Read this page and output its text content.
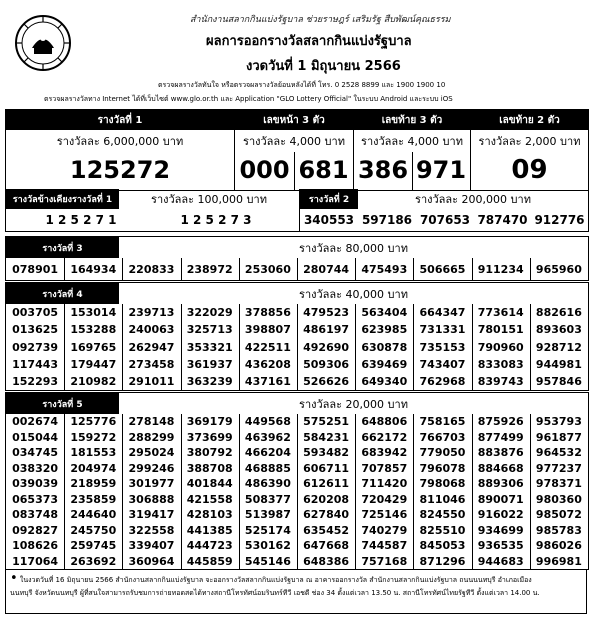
สำนักงานสลากกินแบ่งรัฐบาล ช่วยราษฎร์ เสริมรัฐ สืบพัฒน์คุณธรรม
ผลการออกรางวัลสลากกินแบ่งรัฐบาล
งวดวันที่ 1 มิถุนายน 2566
ตรวจผลรางวัลทันใจ หรือตรวจผลรางวัลย้อนหลังได้ที่ โทร. 0 2528 8899 และ 1900 1900 10
ตรวจผลรางวัลทาง Internet ได้ที่เว็บไซต์ www.glo.or.th และ Application "GLO Lottery Official" ในระบบ Android และระบบ iOS
รางวัลที่ 1
รางวัลละ 6,000,000 บาท
125272
เลขหน้า 3 ตัว
รางวัลละ 4,000 บาท
000 681
เลขท้าย 3 ตัว
รางวัลละ 4,000 บาท
386 971
เลขท้าย 2 ตัว
รางวัลละ 2,000 บาท
09
รางวัลข้างเคียงรางวัลที่ 1	รางวัลละ 100,000 บาท
1 2 5 2 7 1	1 2 5 2 7 3
รางวัลที่ 2	รางวัลละ 200,000 บาท
340553 597186 707653 787470 912776
รางวัลที่ 3	รางวัลละ 80,000 บาท
078901	164934	220833	238972	253060	280744	475493	506665	911234	965960
รางวัลที่ 4	รางวัลละ 40,000 บาท
003705	153014	239713	322029	378856	479523	563404	664347	773614	882616
013625	153288	240063	325713	398807	486197	623985	731331	780151	893603
092739	169765	262947	353321	422511	492690	630878	735153	790960	928712
117443	179447	273458	361937	436208	509306	639469	743407	833083	944981
152293	210982	291011	363239	437161	526626	649340	762968	839743	957846
รางวัลที่ 5	รางวัลละ 20,000 บาท
002674	125776	278148	369179	449568	575251	648806	758165	875926	953793
015044	159272	288299	373699	463962	584231	662172	766703	877499	961877
034745	181553	295024	380792	466204	593482	683942	779050	883876	964532
038320	204974	299246	388708	468885	606711	707857	796078	884668	977237
039039	218959	301977	401844	486390	612611	711420	798068	889306	978371
065373	235859	306888	421558	508377	620208	720429	811046	890071	980360
083748	244640	319417	428103	513987	627840	725146	824550	916022	985072
092827	245750	322558	441385	525174	635452	740279	825510	934699	985783
108626	259745	339407	444723	530162	647668	744587	845053	936535	986026
117064	263692	360964	445859	545146	648386	757168	871296	944683	996981
• ในงวดวันที่ 16 มิถุนายน 2566 สำนักงานสลากกินแบ่งรัฐบาล จะออกรางวัลสลากกินแบ่งรัฐบาล ณ อาคารออกรางวัล สำนักงานสลากกินแบ่งรัฐบาล ถนนนนทบุรี อำเภอเมือง
นนทบุรี จังหวัดนนทบุรี ผู้ที่สนใจสามารถรับชมการถ่ายทอดสดได้ทางสถานีโทรทัศน์อมรินทร์ทีวี เอชดี ช่อง 34 ตั้งแต่เวลา 13.50 น. สถานีโทรทัศน์ไทยรัฐทีวี ตั้งแต่เวลา 14.00 น.
